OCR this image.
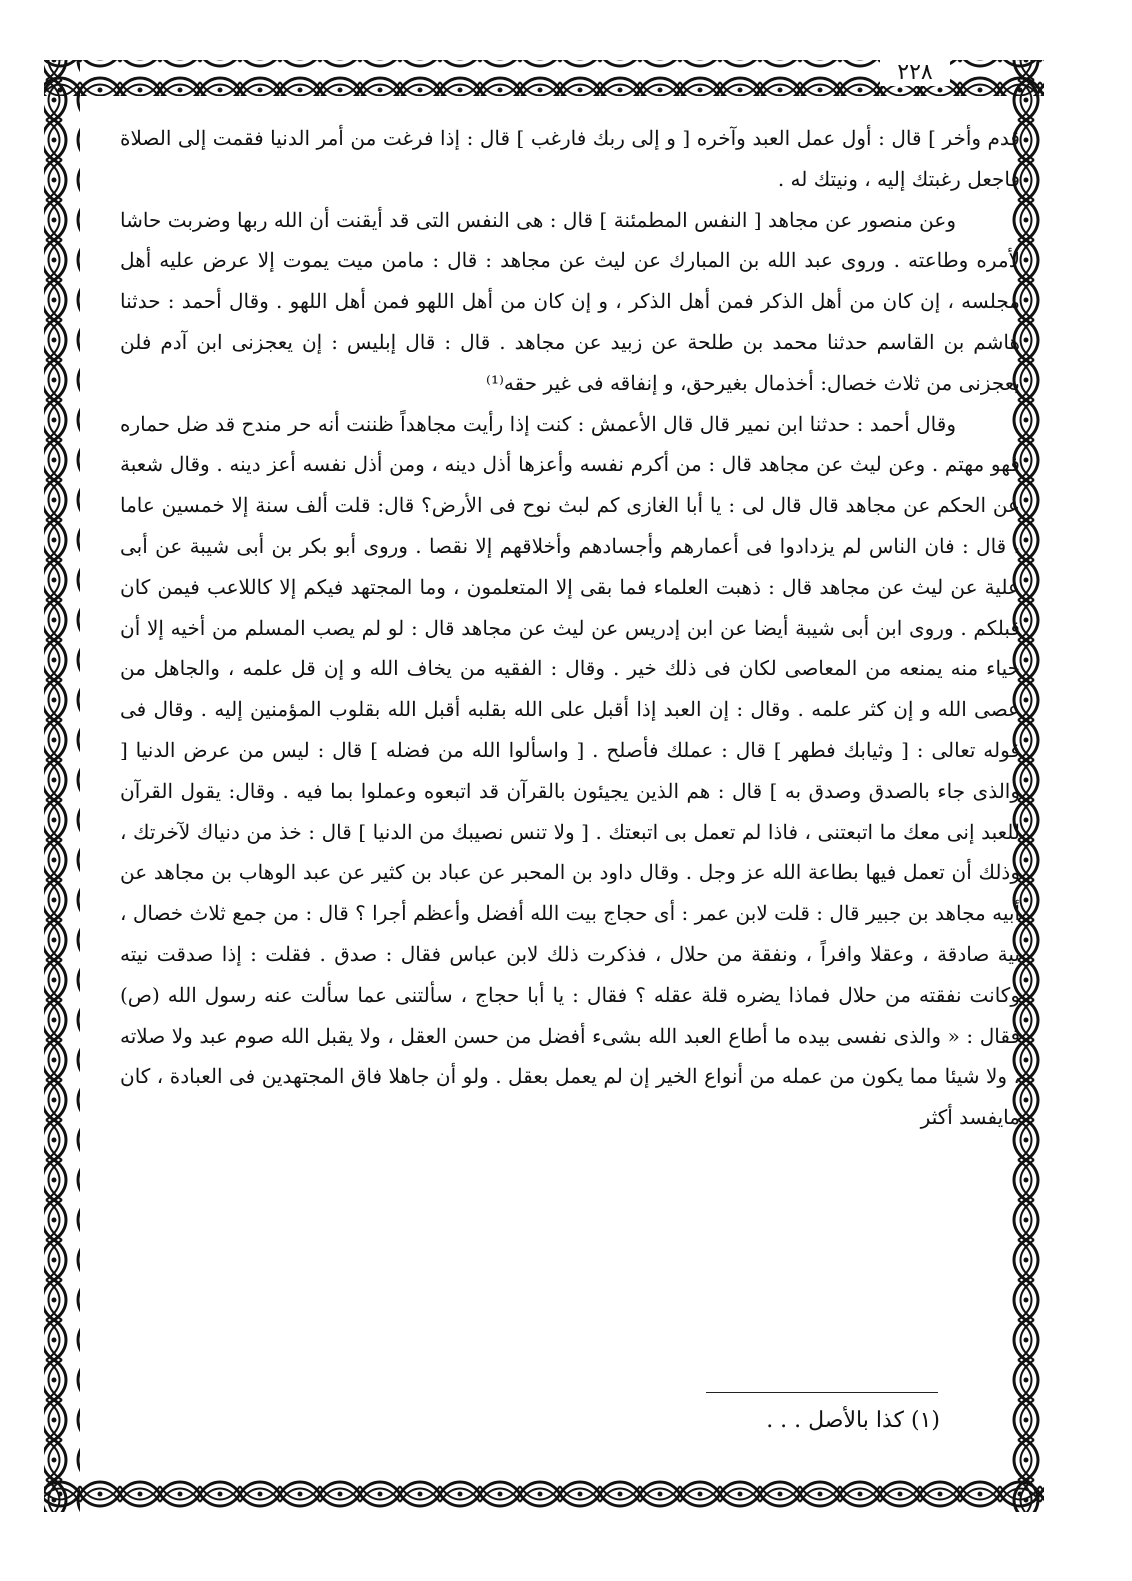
٢٢٨

قدم وأخر ] قال : أول عمل العبد وآخره [ و إلى ربك فارغب ] قال : إذا فرغت من أمر الدنيا فقمت إلى الصلاة فاجعل رغبتك إليه ، ونيتك له .

وعن منصور عن مجاهد [ النفس المطمئنة ] قال : هى النفس التى قد أيقنت أن الله ربها وضربت حاشا لأمره وطاعته . وروى عبد الله بن المبارك عن ليث عن مجاهد : قال : مامن ميت يموت إلا عرض عليه أهل مجلسه ، إن كان من أهل الذكر فمن أهل الذكر ، و إن كان من أهل اللهو فمن أهل اللهو . وقال أحمد : حدثنا هاشم بن القاسم حدثنا محمد بن طلحة عن زبيد عن مجاهد . قال : قال إبليس : إن يعجزنى ابن آدم فلن يعجزنى من ثلاث خصال: أخذمال بغيرحق، و إنفاقه فى غير حقه⁽¹⁾

وقال أحمد : حدثنا ابن نمير قال قال الأعمش : كنت إذا رأيت مجاهداً ظننت أنه حر مندح قد ضل حماره فهو مهتم . وعن ليث عن مجاهد قال : من أكرم نفسه وأعزها أذل دينه ، ومن أذل نفسه أعز دينه . وقال شعبة عن الحكم عن مجاهد قال قال لى : يا أبا الغازى كم لبث نوح فى الأرض؟ قال: قلت ألف سنة إلا خمسين عاما ، قال : فان الناس لم يزدادوا فى أعمارهم وأجسادهم وأخلاقهم إلا نقصا . وروى أبو بكر بن أبى شيبة عن أبى علية عن ليث عن مجاهد قال : ذهبت العلماء فما بقى إلا المتعلمون ، وما المجتهد فيكم إلا كاللاعب فيمن كان قبلكم . وروى ابن أبى شيبة أيضا عن ابن إدريس عن ليث عن مجاهد قال : لو لم يصب المسلم من أخيه إلا أن حياء منه يمنعه من المعاصى لكان فى ذلك خير . وقال : الفقيه من يخاف الله و إن قل علمه ، والجاهل من عصى الله و إن كثر علمه . وقال : إن العبد إذا أقبل على الله بقلبه أقبل الله بقلوب المؤمنين إليه . وقال فى قوله تعالى : [ وثيابك فطهر ] قال : عملك فأصلح . [ واسألوا الله من فضله ] قال : ليس من عرض الدنيا [ والذى جاء بالصدق وصدق به ] قال : هم الذين يجيئون بالقرآن قد اتبعوه وعملوا بما فيه . وقال: يقول القرآن للعبد إنى معك ما اتبعتنى ، فاذا لم تعمل بى اتبعتك . [ ولا تنس نصيبك من الدنيا ] قال : خذ من دنياك لآخرتك ، وذلك أن تعمل فيها بطاعة الله عز وجل . وقال داود بن المحبر عن عباد بن كثير عن عبد الوهاب بن مجاهد عن أبيه مجاهد بن جبير قال : قلت لابن عمر : أى حجاج بيت الله أفضل وأعظم أجرا ؟ قال : من جمع ثلاث خصال ، نية صادقة ، وعقلا وافراً ، ونفقة من حلال ، فذكرت ذلك لابن عباس فقال : صدق . فقلت : إذا صدقت نيته وكانت نفقته من حلال فماذا يضره قلة عقله ؟ فقال : يا أبا حجاج ، سألتنى عما سألت عنه رسول الله (ص) فقال : « والذى نفسى بيده ما أطاع العبد الله بشىء أفضل من حسن العقل ، ولا يقبل الله صوم عبد ولا صلاته ، ولا شيئا مما يكون من عمله من أنواع الخير إن لم يعمل بعقل . ولو أن جاهلا فاق المجتهدين فى العبادة ، كان مايفسد أكثر

(١) كذا بالأصل . . .
